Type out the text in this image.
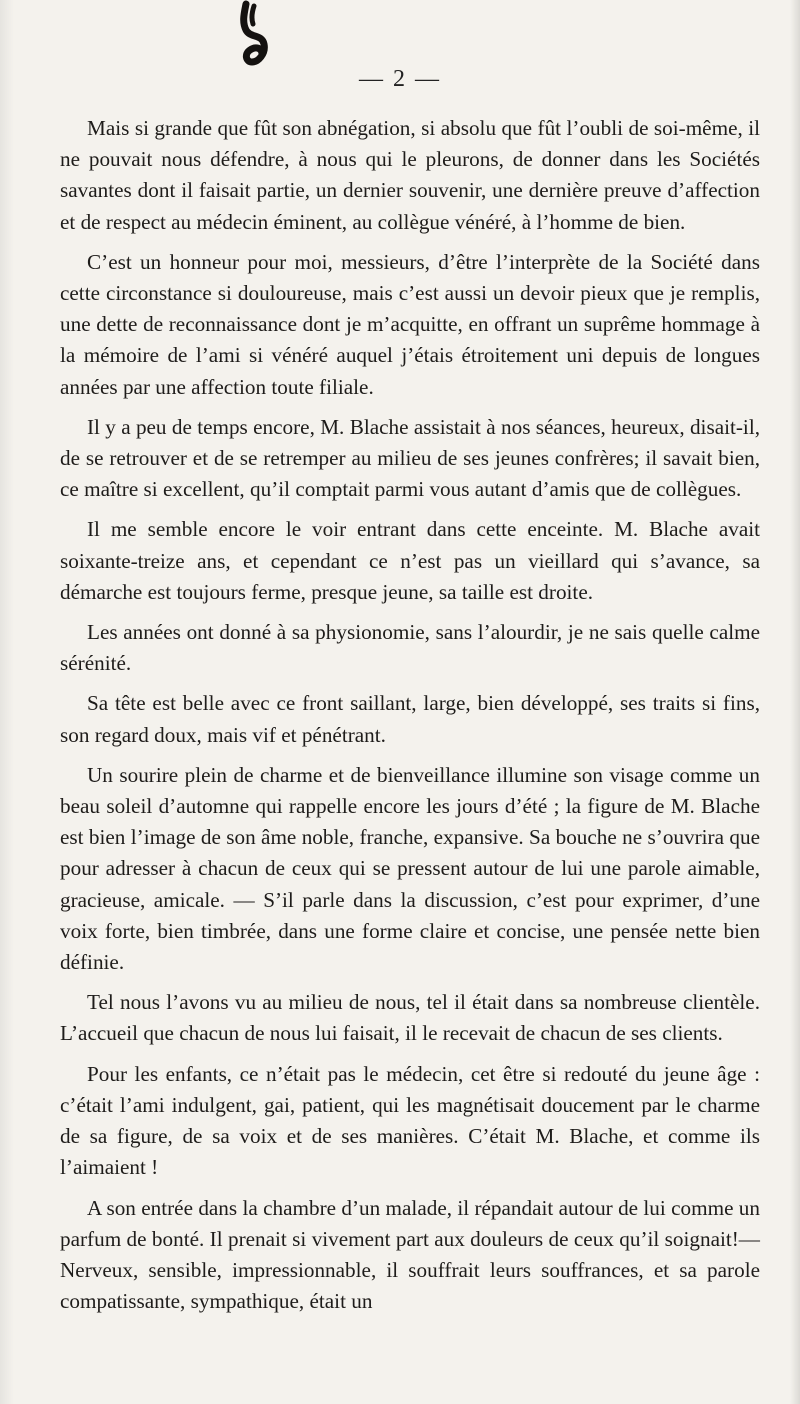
— 2 —

Mais si grande que fût son abnégation, si absolu que fût l’oubli de soi-même, il ne pouvait nous défendre, à nous qui le pleurons, de donner dans les Sociétés savantes dont il faisait partie, un dernier souvenir, une dernière preuve d’affection et de respect au médecin éminent, au collègue vénéré, à l’homme de bien.

C’est un honneur pour moi, messieurs, d’être l’interprète de la Société dans cette circonstance si douloureuse, mais c’est aussi un devoir pieux que je remplis, une dette de reconnaissance dont je m’acquitte, en offrant un suprême hommage à la mémoire de l’ami si vénéré auquel j’étais étroitement uni depuis de longues années par une affection toute filiale.

Il y a peu de temps encore, M. Blache assistait à nos séances, heureux, disait-il, de se retrouver et de se retremper au milieu de ses jeunes confrères; il savait bien, ce maître si excellent, qu’il comptait parmi vous autant d’amis que de collègues.

Il me semble encore le voir entrant dans cette enceinte. M. Blache avait soixante-treize ans, et cependant ce n’est pas un vieillard qui s’avance, sa démarche est toujours ferme, presque jeune, sa taille est droite.

Les années ont donné à sa physionomie, sans l’alourdir, je ne sais quelle calme sérénité.

Sa tête est belle avec ce front saillant, large, bien développé, ses traits si fins, son regard doux, mais vif et pénétrant.

Un sourire plein de charme et de bienveillance illumine son visage comme un beau soleil d’automne qui rappelle encore les jours d’été ; la figure de M. Blache est bien l’image de son âme noble, franche, expansive. Sa bouche ne s’ouvrira que pour adresser à chacun de ceux qui se pressent autour de lui une parole aimable, gracieuse, amicale. — S’il parle dans la discussion, c’est pour exprimer, d’une voix forte, bien timbrée, dans une forme claire et concise, une pensée nette bien définie.

Tel nous l’avons vu au milieu de nous, tel il était dans sa nombreuse clientèle. L’accueil que chacun de nous lui faisait, il le recevait de chacun de ses clients.

Pour les enfants, ce n’était pas le médecin, cet être si redouté du jeune âge : c’était l’ami indulgent, gai, patient, qui les magnétisait doucement par le charme de sa figure, de sa voix et de ses manières. C’était M. Blache, et comme ils l’aimaient !

A son entrée dans la chambre d’un malade, il répandait autour de lui comme un parfum de bonté. Il prenait si vivement part aux douleurs de ceux qu’il soignait!— Nerveux, sensible, impressionnable, il souffrait leurs souffrances, et sa parole compatissante, sympathique, était un
